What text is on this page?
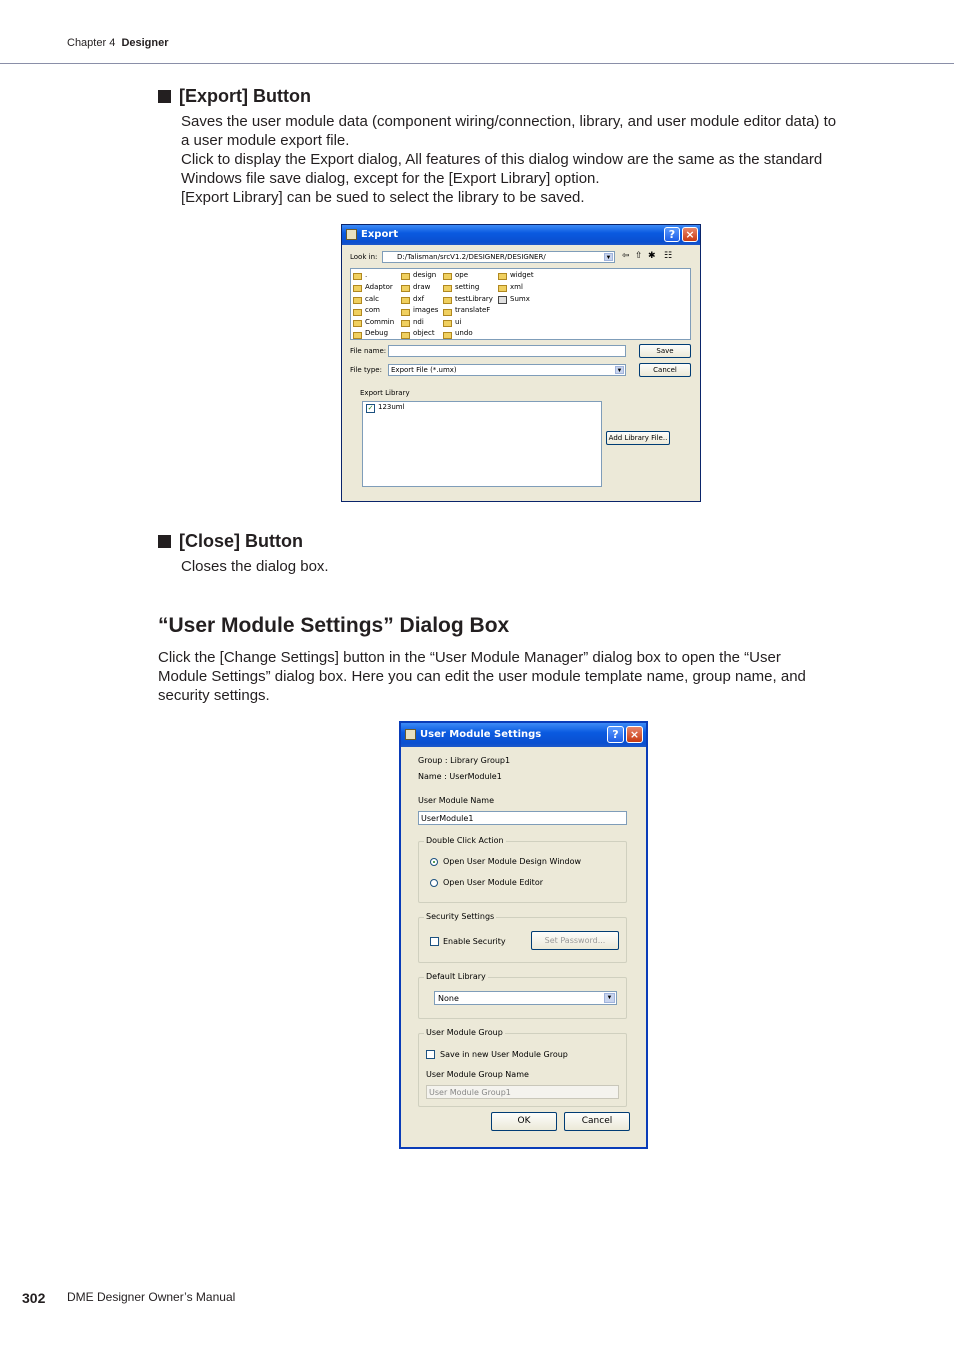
Chapter 4 Designer
[Export] Button
Saves the user module data (component wiring/connection, library, and user module editor data) to
a user module export file.
Click to display the Export dialog, All features of this dialog window are the same as the standard
Windows file save dialog, except for the [Export Library] option.
[Export Library] can be sued to select the library to be saved.
Export	? ×
Look in:	D:/Talisman/srcV1.2/DESIGNER/DESIGNER/	▼ ⇦ ⇧ ✱ ☷
.
Adaptor
calc
com
Commin
Debug
design
draw
dxf
images
ndi
object
ope
setting
testLibrary
translateF
ui
undo
widget
xml
Sumx
File name:	Save
File type: Export File (*.umx)	▼	Cancel
Export Library
✓ 123uml
Add Library File..
[Close] Button
Closes the dialog box.
“User Module Settings” Dialog Box
Click the [Change Settings] button in the “User Module Manager” dialog box to open the “User
Module Settings” dialog box. Here you can edit the user module template name, group name, and
security settings.
User Module Settings	?	×
Group : Library Group1
Name : UserModule1
User Module Name
UserModule1
Double Click Action
Open User Module Design Window
Open User Module Editor
Security Settings
Enable Security	Set Password...
Default Library
None	▼
User Module Group
Save in new User Module Group
User Module Group Name
User Module Group1
OK	Cancel
302 DME Designer Owner’s Manual
